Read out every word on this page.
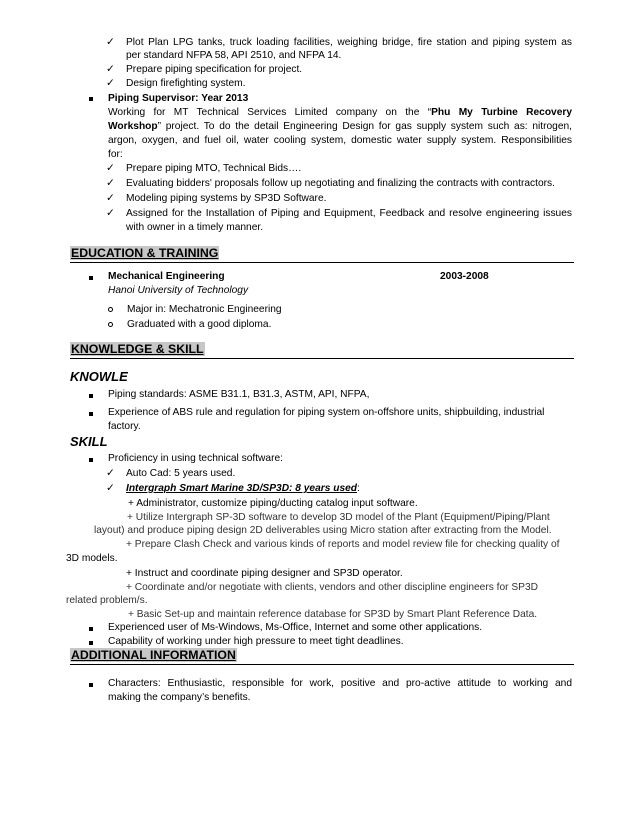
✓ Plot Plan LPG tanks, truck loading facilities, weighing bridge, fire station and piping system as
per standard NFPA 58, API 2510, and NFPA 14.
✓ Prepare piping specification for project.
✓ Design firefighting system.
Piping Supervisor: Year 2013
Working for MT Technical Services Limited company on the “Phu My Turbine Recovery
Workshop” project. To do the detail Engineering Design for gas supply system such as: nitrogen,
argon, oxygen, and fuel oil, water cooling system, domestic water supply system. Responsibilities
for:
✓ Prepare piping MTO, Technical Bids….
✓ Evaluating bidders' proposals follow up negotiating and finalizing the contracts with contractors.
✓ Modeling piping systems by SP3D Software.
✓ Assigned for the Installation of Piping and Equipment, Feedback and resolve engineering issues
with owner in a timely manner.
EDUCATION & TRAINING
Mechanical Engineering	2003-2008
Hanoi University of Technology
Major in: Mechatronic Engineering
Graduated with a good diploma.
KNOWLEDGE & SKILL
KNOWLE
Piping standards: ASME B31.1, B31.3, ASTM, API, NFPA,
Experience of ABS rule and regulation for piping system on-offshore units, shipbuilding, industrial
factory.
SKILL
Proficiency in using technical software:
✓ Auto Cad: 5 years used.
✓ Intergraph Smart Marine 3D/SP3D: 8 years used:
+ Administrator, customize piping/ducting catalog input software.
+ Utilize Intergraph SP-3D software to develop 3D model of the Plant (Equipment/Piping/Plant
layout) and produce piping design 2D deliverables using Micro station after extracting from the Model.
+ Prepare Clash Check and various kinds of reports and model review file for checking quality of
3D models.
+ Instruct and coordinate piping designer and SP3D operator.
+ Coordinate and/or negotiate with clients, vendors and other discipline engineers for SP3D
related problem/s.
+ Basic Set-up and maintain reference database for SP3D by Smart Plant Reference Data.
Experienced user of Ms-Windows, Ms-Office, Internet and some other applications.
Capability of working under high pressure to meet tight deadlines.
ADDITIONAL INFORMATION
Characters: Enthusiastic, responsible for work, positive and pro-active attitude to working and
making the company’s benefits.
